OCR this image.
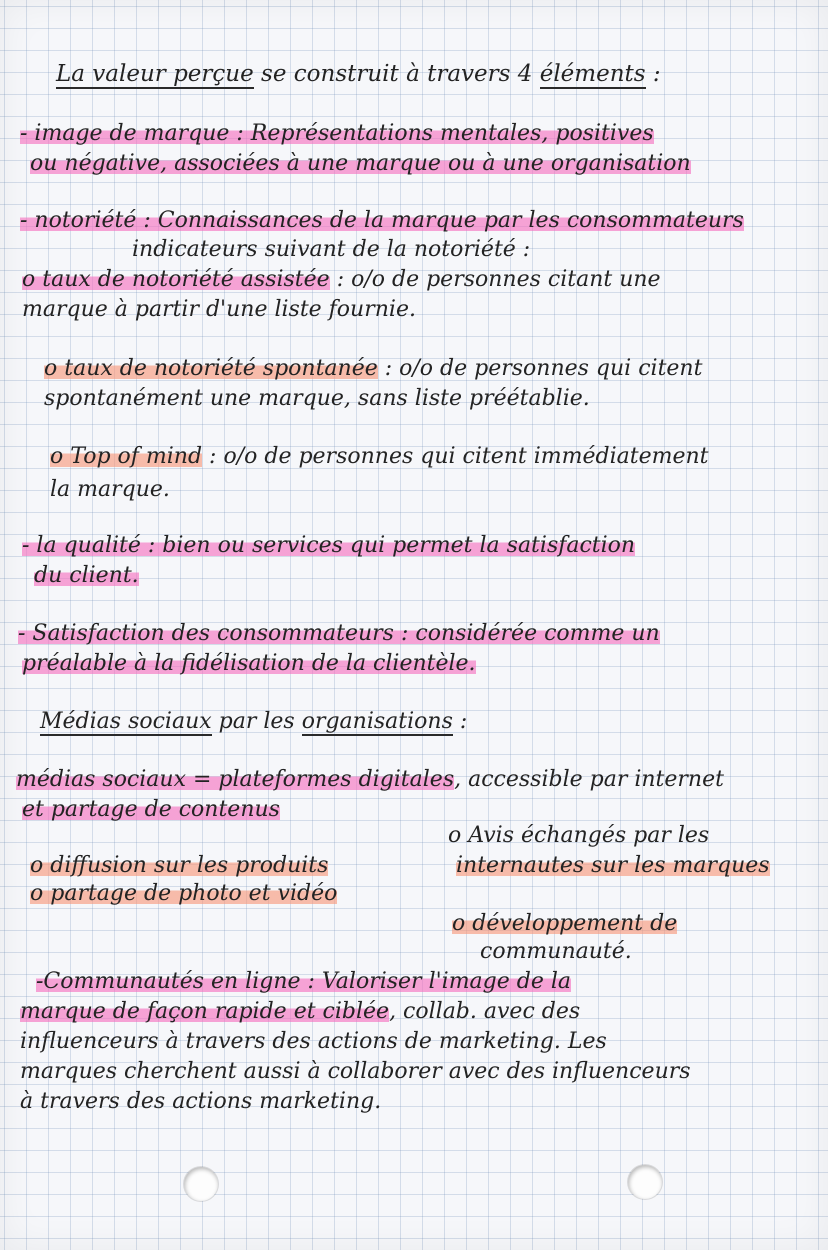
La valeur perçue se construit à travers 4 éléments :
- image de marque : Représentations mentales, positives
ou négative, associées à une marque ou à une organisation
- notoriété : Connaissances de la marque par les consommateurs
indicateurs suivant de la notoriété :
o taux de notoriété assistée : o/o de personnes citant une
marque à partir d'une liste fournie.
o taux de notoriété spontanée : o/o de personnes qui citent
spontanément une marque, sans liste préétablie.
o Top of mind : o/o de personnes qui citent immédiatement
la marque.
- la qualité : bien ou services qui permet la satisfaction
du client.
- Satisfaction des consommateurs : considérée comme un
préalable à la fidélisation de la clientèle.
Médias sociaux par les organisations :
médias sociaux = plateformes digitales, accessible par internet
et partage de contenus
o Avis échangés par les
internautes sur les marques
o diffusion sur les produits
o partage de photo et vidéo
o développement de
communauté.
-Communautés en ligne : Valoriser l'image de la
marque de façon rapide et ciblée, collab. avec des
influenceurs à travers des actions de marketing. Les
marques cherchent aussi à collaborer avec des influenceurs
à travers des actions marketing.
